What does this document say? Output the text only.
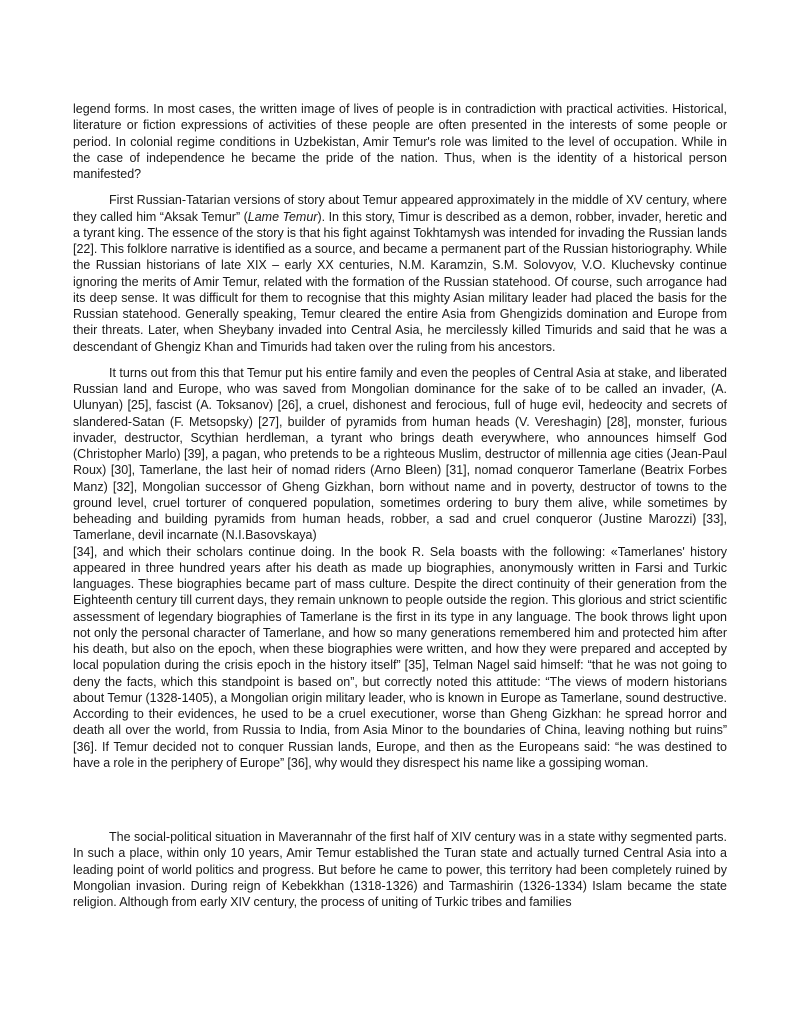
legend forms. In most cases, the written image of lives of people is in contradiction with practical activities. Historical, literature or fiction expressions of activities of these people are often presented in the interests of some people or period. In colonial regime conditions in Uzbekistan, Amir Temur's role was limited to the level of occupation. While in the case of independence he became the pride of the nation. Thus, when is the identity of a historical person manifested?

First Russian-Tatarian versions of story about Temur appeared approximately in the middle of XV century, where they called him “Aksak Temur” (Lame Temur). In this story, Timur is described as a demon, robber, invader, heretic and a tyrant king. The essence of the story is that his fight against Tokhtamysh was intended for invading the Russian lands [22]. This folklore narrative is identified as a source, and became a permanent part of the Russian historiography. While the Russian historians of late XIX – early XX centuries, N.M. Karamzin, S.M. Solovyov, V.O. Kluchevsky continue ignoring the merits of Amir Temur, related with the formation of the Russian statehood. Of course, such arrogance had its deep sense. It was difficult for them to recognise that this mighty Asian military leader had placed the basis for the Russian statehood. Generally speaking, Temur cleared the entire Asia from Ghengizids domination and Europe from their threats. Later, when Sheybany invaded into Central Asia, he mercilessly killed Timurids and said that he was a descendant of Ghengiz Khan and Timurids had taken over the ruling from his ancestors.

It turns out from this that Temur put his entire family and even the peoples of Central Asia at stake, and liberated Russian land and Europe, who was saved from Mongolian dominance for the sake of to be called an invader, (A. Ulunyan) [25], fascist (A. Toksanov) [26], a cruel, dishonest and ferocious, full of huge evil, hedeocity and secrets of slandered-Satan (F. Metsopsky) [27], builder of pyramids from human heads (V. Vereshagin) [28], monster, furious invader, destructor, Scythian herdleman, a tyrant who brings death everywhere, who announces himself God (Christopher Marlo) [39], a pagan, who pretends to be a righteous Muslim, destructor of millennia age cities (Jean-Paul Roux) [30], Tamerlane, the last heir of nomad riders (Arno Bleen) [31], nomad conqueror Tamerlane (Beatrix Forbes Manz) [32], Mongolian successor of Gheng Gizkhan, born without name and in poverty, destructor of towns to the ground level, cruel torturer of conquered population, sometimes ordering to bury them alive, while sometimes by beheading and building pyramids from human heads, robber, a sad and cruel conqueror (Justine Marozzi) [33], Tamerlane, devil incarnate (N.I.Basovskaya)

[34], and which their scholars continue doing. In the book R. Sela boasts with the following: «Tamerlanes' history appeared in three hundred years after his death as made up biographies, anonymously written in Farsi and Turkic languages. These biographies became part of mass culture. Despite the direct continuity of their generation from the Eighteenth century till current days, they remain unknown to people outside the region. This glorious and strict scientific assessment of legendary biographies of Tamerlane is the first in its type in any language. The book throws light upon not only the personal character of Tamerlane, and how so many generations remembered him and protected him after his death, but also on the epoch, when these biographies were written, and how they were prepared and accepted by local population during the crisis epoch in the history itself” [35], Telman Nagel said himself: “that he was not going to deny the facts, which this standpoint is based on”, but correctly noted this attitude: “The views of modern historians about Temur (1328-1405), a Mongolian origin military leader, who is known in Europe as Tamerlane, sound destructive. According to their evidences, he used to be a cruel executioner, worse than Gheng Gizkhan: he spread horror and death all over the world, from Russia to India, from Asia Minor to the boundaries of China, leaving nothing but ruins” [36]. If Temur decided not to conquer Russian lands, Europe, and then as the Europeans said: “he was destined to have a role in the periphery of Europe” [36], why would they disrespect his name like a gossiping woman.

The social-political situation in Maverannahr of the first half of XIV century was in a state withy segmented parts. In such a place, within only 10 years, Amir Temur established the Turan state and actually turned Central Asia into a leading point of world politics and progress. But before he came to power, this territory had been completely ruined by Mongolian invasion. During reign of Kebekkhan (1318-1326) and Tarmashirin (1326-1334) Islam became the state religion. Although from early XIV century, the process of uniting of Turkic tribes and families
